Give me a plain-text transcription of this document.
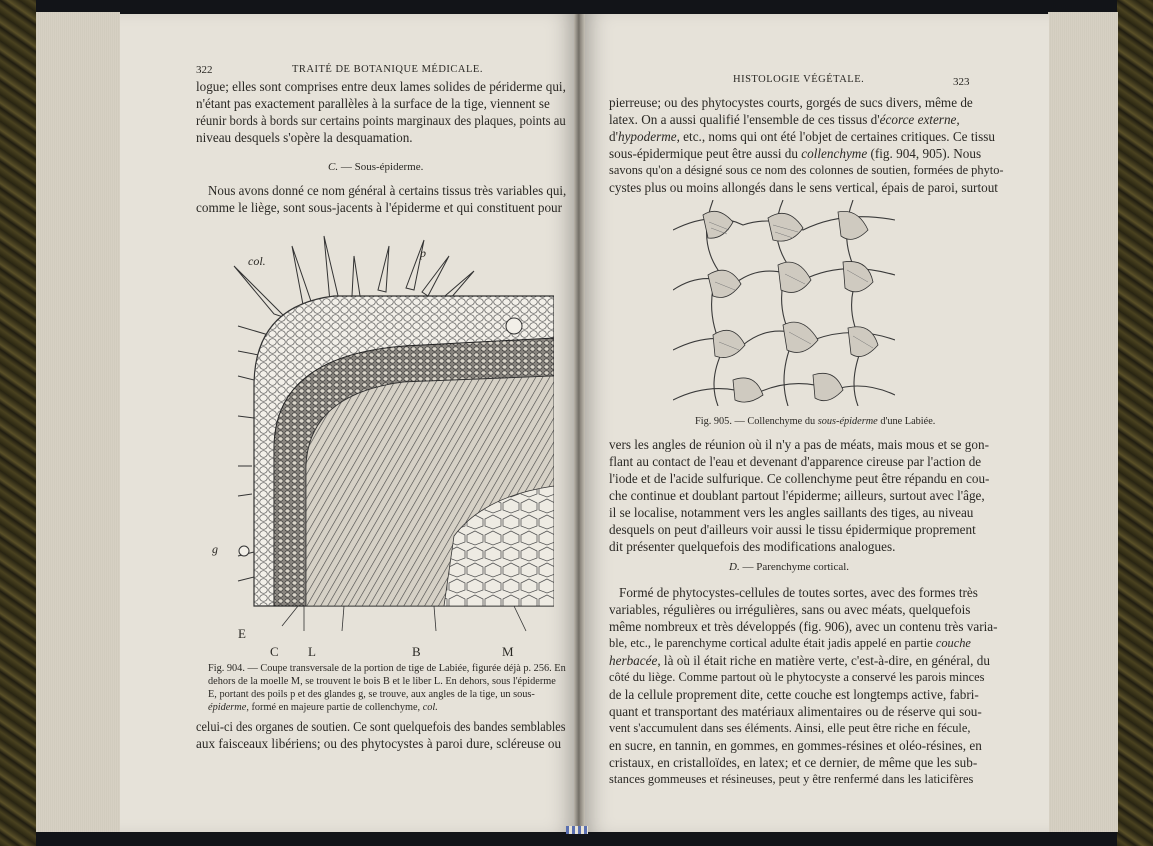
322	TRAITÉ DE BOTANIQUE MÉDICALE.
logue; elles sont comprises entre deux lames solides de périderme qui,
n'étant pas exactement parallèles à la surface de la tige, viennent se
réunir bords à bords sur certains points marginaux des plaques, points au
niveau desquels s'opère la desquamation.
C. — Sous-épiderme.
Nous avons donné ce nom général à certains tissus très variables qui,
comme le liège, sont sous-jacents à l'épiderme et qui constituent pour
col.
p
g
E
C L	B	M
Fig. 904. — Coupe transversale de la portion de tige de Labiée, figurée déjà p. 256. En
dehors de la moelle M, se trouvent le bois B et le liber L. En dehors, sous l'épiderme
E, portant des poils p et des glandes g, se trouve, aux angles de la tige, un sous-
épiderme, formé en majeure partie de collenchyme, col.
celui-ci des organes de soutien. Ce sont quelquefois des bandes semblables
aux faisceaux libériens; ou des phytocystes à paroi dure, scléreuse ou
HISTOLOGIE VÉGÉTALE.	323
pierreuse; ou des phytocystes courts, gorgés de sucs divers, même de
latex. On a aussi qualifié l'ensemble de ces tissus d'écorce externe,
d'hypoderme, etc., noms qui ont été l'objet de certaines critiques. Ce tissu
sous-épidermique peut être aussi du collenchyme (fig. 904, 905). Nous
savons qu'on a désigné sous ce nom des colonnes de soutien, formées de phyto-
cystes plus ou moins allongés dans le sens vertical, épais de paroi, surtout
Fig. 905. — Collenchyme du sous-épiderme d'une Labiée.
vers les angles de réunion où il n'y a pas de méats, mais mous et se gon-
flant au contact de l'eau et devenant d'apparence cireuse par l'action de
l'iode et de l'acide sulfurique. Ce collenchyme peut être répandu en cou-
che continue et doublant partout l'épiderme; ailleurs, surtout avec l'âge,
il se localise, notamment vers les angles saillants des tiges, au niveau
desquels on peut d'ailleurs voir aussi le tissu épidermique proprement
dit présenter quelquefois des modifications analogues.
D. — Parenchyme cortical.
Formé de phytocystes-cellules de toutes sortes, avec des formes très
variables, régulières ou irrégulières, sans ou avec méats, quelquefois
même nombreux et très développés (fig. 906), avec un contenu très varia-
ble, etc., le parenchyme cortical adulte était jadis appelé en partie couche
herbacée, là où il était riche en matière verte, c'est-à-dire, en général, du
côté du liège. Comme partout où le phytocyste a conservé les parois minces
de la cellule proprement dite, cette couche est longtemps active, fabri-
quant et transportant des matériaux alimentaires ou de réserve qui sou-
vent s'accumulent dans ses éléments. Ainsi, elle peut être riche en fécule,
en sucre, en tannin, en gommes, en gommes-résines et oléo-résines, en
cristaux, en cristalloïdes, en latex; et ce dernier, de même que les sub-
stances gommeuses et résineuses, peut y être renfermé dans les laticifères
